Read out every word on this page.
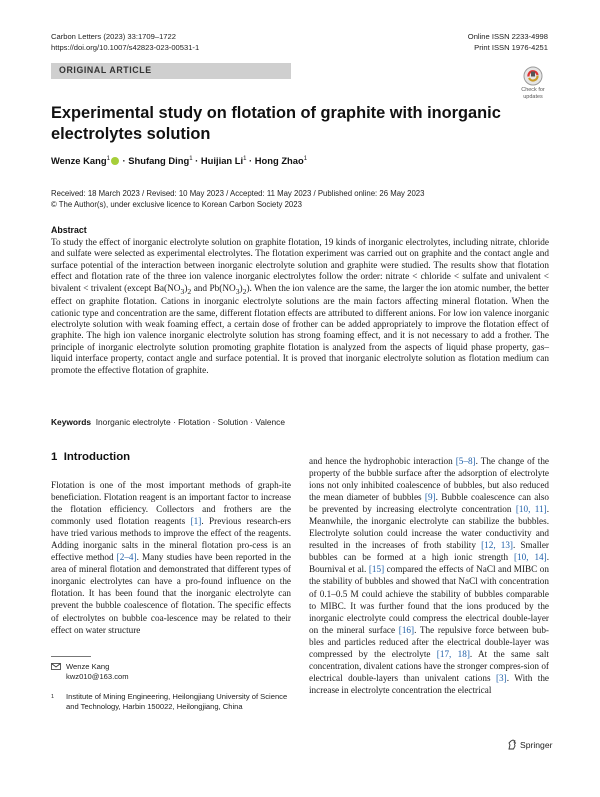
Carbon Letters (2023) 33:1709–1722
https://doi.org/10.1007/s42823-023-00531-1
Online ISSN 2233-4998
Print ISSN 1976-4251
ORIGINAL ARTICLE
Check for
updates
Experimental study on flotation of graphite with inorganic electrolytes solution
Wenze Kang$^1$ · Shufang Ding$^1$ · Huijian $Li^1$ · Hong Zhao$^1$
Received: 18 March 2023 / Revised: 10 May 2023 / Accepted: 11 May 2023 / Published online: 26 May 2023
© The Author(s), under exclusive licence to Korean Carbon Society 2023
Abstract

To study the effect of inorganic electrolyte solution on graphite flotation, 19 kinds of inorganic electrolytes, including nitrate, chloride and sulfate were selected as experimental electrolytes. The flotation experiment was carried out on graphite and the contact angle and surface potential of the interaction between inorganic electrolyte solution and graphite were studied. The results show that flotation effect and flotation rate of the three ion valence inorganic electrolytes follow the order: nitrate < chloride < sulfate and univalent < bivalent < trivalent (except $Ba(NO_3)_2$ and $Pb(NO_3)_2$). When the ion valence are the same, the larger the ion atomic number, the better effect on graphite flotation. Cations in inorganic electrolyte solutions are the main factors affecting mineral flotation. When the cationic type and concentration are the same, different flotation effects are attributed to different anions. For low ion valence inorganic electrolyte solution with weak foaming effect, a certain dose of frother can be added appropriately to improve the flotation effect of graphite. The high ion valence inorganic electrolyte solution has strong foaming effect, and it is not necessary to add a frother. The principle of inorganic electrolyte solution promoting graphite flotation is analyzed from the aspects of liquid phase property, gas–liquid interface property, contact angle and surface potential. It is proved that inorganic electrolyte solution as flotation medium can promote the effective flotation of graphite.

Keywords Inorganic electrolyte · Flotation · Solution · Valence
1 Introduction

Flotation is one of the most important methods of graph-ite beneficiation. Flotation reagent is an important factor to increase the flotation efficiency. Collectors and frothers are the commonly used flotation reagents [1]. Previous research-ers have tried various methods to improve the effect of the reagents. Adding inorganic salts in the mineral flotation pro-cess is an effective method [2–4]. Many studies have been reported in the area of mineral flotation and demonstrated that different types of inorganic electrolytes can have a pro-found influence on the flotation. It has been found that the inorganic electrolyte can prevent the bubble coalescence of flotation. The specific effects of electrolytes on bubble coa-lescence may be related to their effect on water structure

and hence the hydrophobic interaction [5–8]. The change of the property of the bubble surface after the adsorption of electrolyte ions not only inhibited coalescence of bubbles, but also reduced the mean diameter of bubbles [9]. Bubble coalescence can also be prevented by increasing electrolyte concentration [10, 11]. Meanwhile, the inorganic electrolyte can stabilize the bubbles. Electrolyte solution could increase the water conductivity and resulted in the increases of froth stability [12, 13]. Smaller bubbles can be formed at a high ionic strength [10, 14]. Bournival et al. [15] compared the effects of NaCl and MIBC on the stability of bubbles and showed that NaCl with concentration of 0.1–0.5 M could achieve the stability of bubbles comparable to MIBC. It was further found that the ions produced by the inorganic electrolyte could compress the electrical double-layer on the mineral surface [16]. The repulsive force between bub-bles and particles reduced after the electrical double-layer was compressed by the electrolyte [17, 18]. At the same salt concentration, divalent cations have the stronger compres-sion of electrical double-layers than univalent cations [3]. With the increase in electrolyte concentration the electrical

Wenze Kang
kwz010@163.com
1 Institute of Mining Engineering, Heilongjiang University of Science and Technology, Harbin 150022, Heilongjiang, China

Springer
